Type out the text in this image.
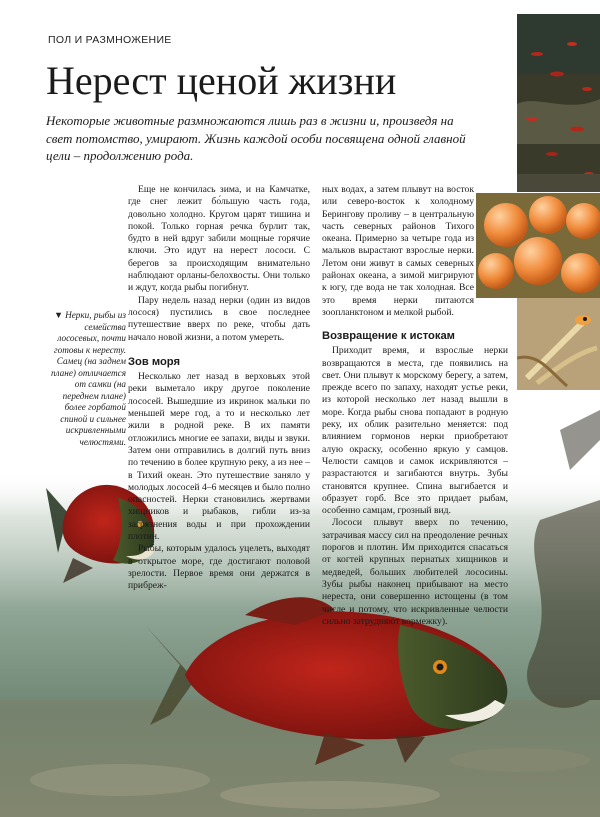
ПОЛ И РАЗМНОЖЕНИЕ
Нерест ценой жизни
Некоторые животные размножаются лишь раз в жизни и, произведя на свет потомство, умирают. Жизнь каждой особи посвящена одной главной цели – продолжению рода.
▼ Нерки, рыбы из семейства лососевых, почти готовы к нересту. Самец (на заднем плане) отличается от самки (на переднем плане) более горбатой спиной и сильнее искривленными челюстями.

Еще не кончилась зима, и на Камчатке, где снег лежит бо́льшую часть года, довольно холодно. Кругом царят тишина и покой. Только горная речка бурлит так, будто в ней вдруг забили мощные горячие ключи. Это идут на нерест лососи. С берегов за происходящим внимательно наблюдают орланы-белохвосты. Они только и ждут, когда рыбы погибнут.

Пару недель назад нерки (один из видов лосося) пустились в свое последнее путешествие вверх по реке, чтобы дать начало новой жизни, а потом умереть.

Зов моря

Несколько лет назад в верховьях этой реки выметало икру другое поколение лососей. Вышедшие из икринок мальки по меньшей мере год, а то и несколько лет жили в родной реке. В их памяти отложились многие ее запахи, виды и звуки. Затем они отправились в долгий путь вниз по течению в более крупную реку, а из нее – в Тихий океан. Это путешествие заняло у молодых лососей 4–6 месяцев и было полно опасностей. Нерки становились жертвами хищников и рыбаков, гибли из-за загрязнения воды и при прохождении плотин.

Рыбы, которым удалось уцелеть, выходят в открытое море, где достигают половой зрелости. Первое время они держатся в прибреж-

ных водах, а затем плывут на восток или северо-восток к холодному Берингову проливу – в центральную часть северных районов Тихого океана. Примерно за четыре года из мальков вырастают взрослые нерки. Летом они живут в самых северных районах океана, а зимой мигрируют к югу, где вода не так холодная. Все это время нерки питаются зоопланктоном и мелкой рыбой.

Возвращение к истокам

Приходит время, и взрослые нерки возвращаются в места, где появились на свет. Они плывут к морскому берегу, а затем, прежде всего по запаху, находят устье реки, из которой несколько лет назад вышли в море. Когда рыбы снова попадают в родную реку, их облик разительно меняется: под влиянием гормонов нерки приобретают алую окраску, особенно яркую у самцов. Челюсти самцов и самок искривляются – разрастаются и загибаются внутрь. Зубы становятся крупнее. Спина выгибается и образует горб. Все это придает рыбам, особенно самцам, грозный вид.

Лососи плывут вверх по течению, затрачивая массу сил на преодоление речных порогов и плотин. Им приходится спасаться от когтей крупных пернатых хищников и медведей, больших любителей лососины. Зубы рыбы наконец прибывают на место нереста, они совершенно истощены (в том числе и потому, что искривленные челюсти сильно затрудняют кормежку).
